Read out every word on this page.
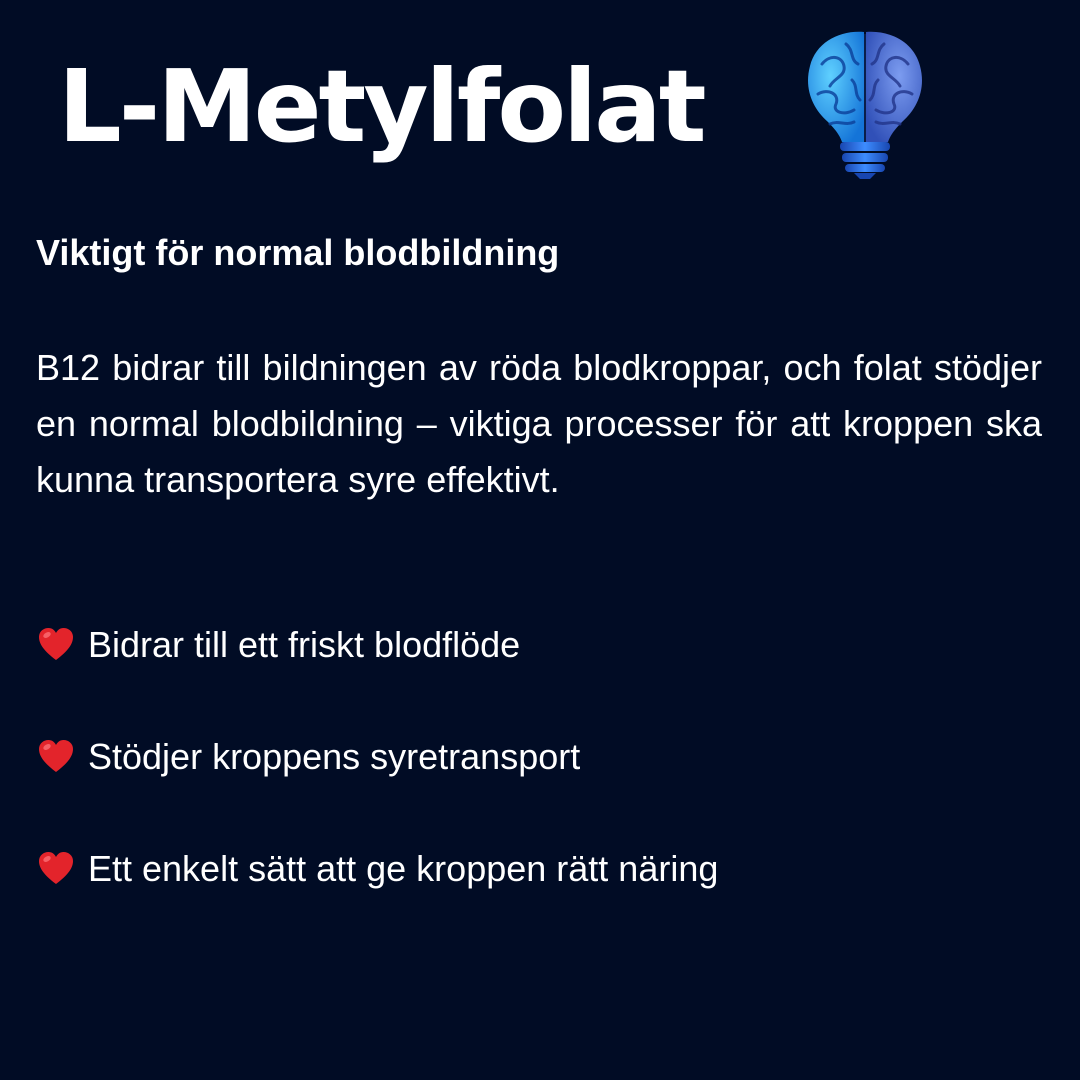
L-Metylfolat
Viktigt för normal blodbildning

B12 bidrar till bildningen av röda blodkroppar, och folat stödjer en normal blodbildning – viktiga processer för att kroppen ska kunna transportera syre effektivt.

Bidrar till ett friskt blodflöde
Stödjer kroppens syretransport
Ett enkelt sätt att ge kroppen rätt näring
